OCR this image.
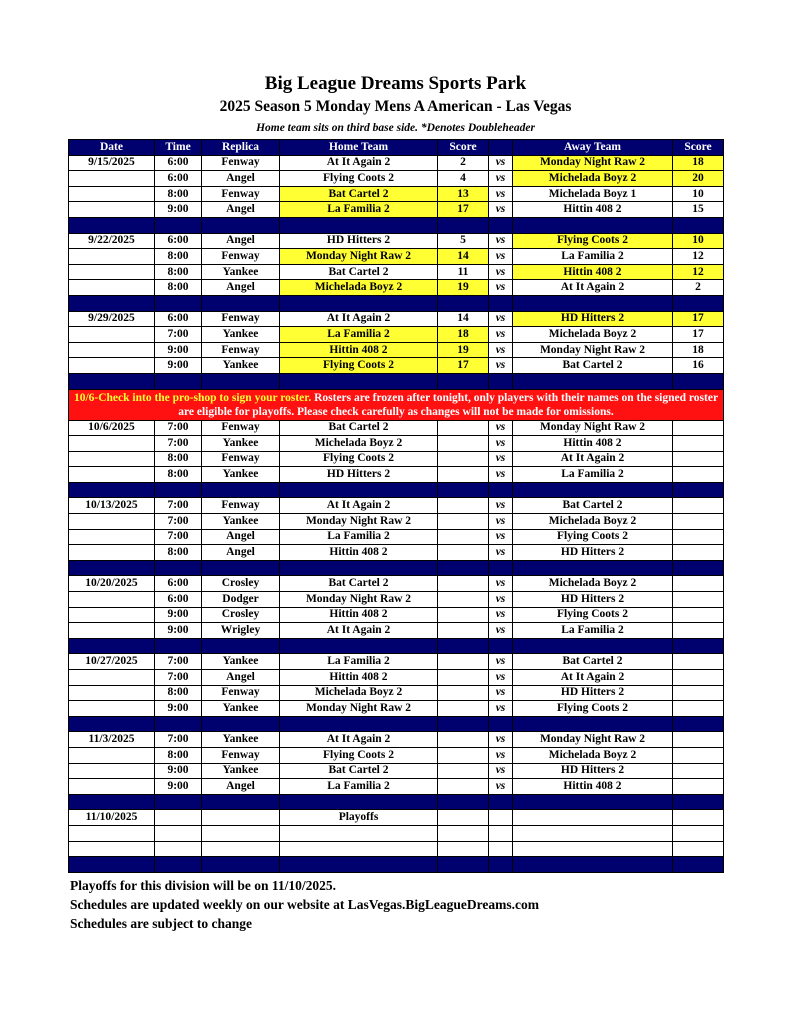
Big League Dreams Sports Park
2025 Season 5 Monday Mens A American - Las Vegas
Home team sits on third base side. *Denotes Doubleheader
Date	Time	Replica	Home Team	Score		Away Team	Score
9/15/2025	6:00	Fenway	At It Again 2	2	vs	Monday Night Raw 2	18
	6:00	Angel	Flying Coots 2	4	vs	Michelada Boyz 2	20
	8:00	Fenway	Bat Cartel 2	13	vs	Michelada Boyz 1	10
	9:00	Angel	La Familia 2	17	vs	Hittin 408 2	15

9/22/2025	6:00	Angel	HD Hitters 2	5	vs	Flying Coots 2	10
	8:00	Fenway	Monday Night Raw 2	14	vs	La Familia 2	12
	8:00	Yankee	Bat Cartel 2	11	vs	Hittin 408 2	12
	8:00	Angel	Michelada Boyz 2	19	vs	At It Again 2	2

9/29/2025	6:00	Fenway	At It Again 2	14	vs	HD Hitters 2	17
	7:00	Yankee	La Familia 2	18	vs	Michelada Boyz 2	17
	9:00	Fenway	Hittin 408 2	19	vs	Monday Night Raw 2	18
	9:00	Yankee	Flying Coots 2	17	vs	Bat Cartel 2	16

10/6-Check into the pro-shop to sign your roster. Rosters are frozen after tonight, only players with their names on the signed roster are eligible for playoffs. Please check carefully as changes will not be made for omissions.							
10/6/2025	7:00	Fenway	Bat Cartel 2		vs	Monday Night Raw 2	
	7:00	Yankee	Michelada Boyz 2		vs	Hittin 408 2	
	8:00	Fenway	Flying Coots 2		vs	At It Again 2	
	8:00	Yankee	HD Hitters 2		vs	La Familia 2	

10/13/2025	7:00	Fenway	At It Again 2		vs	Bat Cartel 2	
	7:00	Yankee	Monday Night Raw 2		vs	Michelada Boyz 2	
	7:00	Angel	La Familia 2		vs	Flying Coots 2	
	8:00	Angel	Hittin 408 2		vs	HD Hitters 2	

10/20/2025	6:00	Crosley	Bat Cartel 2		vs	Michelada Boyz 2	
	6:00	Dodger	Monday Night Raw 2		vs	HD Hitters 2	
	9:00	Crosley	Hittin 408 2		vs	Flying Coots 2	
	9:00	Wrigley	At It Again 2		vs	La Familia 2	

10/27/2025	7:00	Yankee	La Familia 2		vs	Bat Cartel 2	
	7:00	Angel	Hittin 408 2		vs	At It Again 2	
	8:00	Fenway	Michelada Boyz 2		vs	HD Hitters 2	
	9:00	Yankee	Monday Night Raw 2		vs	Flying Coots 2	

11/3/2025	7:00	Yankee	At It Again 2		vs	Monday Night Raw 2	
	8:00	Fenway	Flying Coots 2		vs	Michelada Boyz 2	
	9:00	Yankee	Bat Cartel 2		vs	HD Hitters 2	
	9:00	Angel	La Familia 2		vs	Hittin 408 2	

11/10/2025			Playoffs				

Playoffs for this division will be on 11/10/2025.
Schedules are updated weekly on our website at LasVegas.BigLeagueDreams.com
Schedules are subject to change
